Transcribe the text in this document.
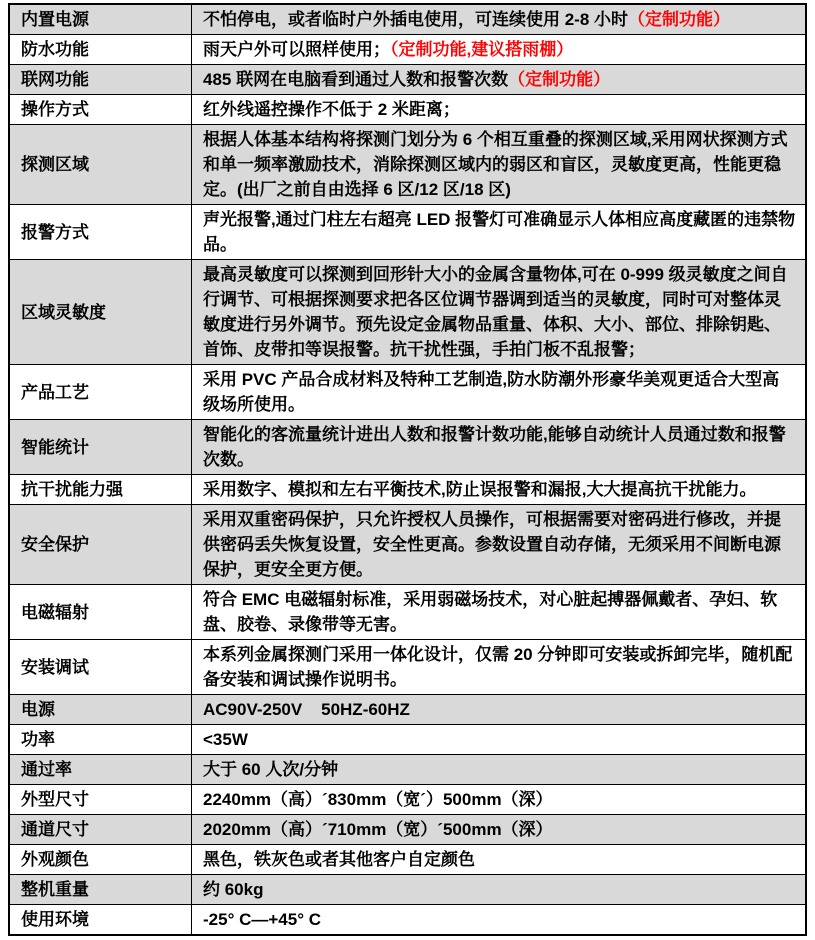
内置电源	不怕停电，或者临时户外插电使用，可连续使用 2-8 小时（定制功能）
防水功能	雨天户外可以照样使用；（定制功能,建议搭雨棚）
联网功能	485 联网在电脑看到通过人数和报警次数（定制功能）
操作方式	红外线遥控操作不低于 2 米距离；
探测区域	根据人体基本结构将探测门划分为 6 个相互重叠的探测区域,采用网状探测方式和单一频率激励技术，消除探测区域内的弱区和盲区，灵敏度更高，性能更稳定。(出厂之前自由选择 6 区/12 区/18 区)
报警方式	声光报警,通过门柱左右超亮 LED 报警灯可准确显示人体相应高度藏匿的违禁物品。
区域灵敏度	最高灵敏度可以探测到回形针大小的金属含量物体,可在 0-999 级灵敏度之间自行调节、可根据探测要求把各区位调节器调到适当的灵敏度，同时可对整体灵敏度进行另外调节。预先设定金属物品重量、体积、大小、部位、排除钥匙、首饰、皮带扣等误报警。抗干扰性强，手拍门板不乱报警；
产品工艺	采用 PVC 产品合成材料及特种工艺制造,防水防潮外形豪华美观更适合大型高级场所使用。
智能统计	智能化的客流量统计进出人数和报警计数功能,能够自动统计人员通过数和报警次数。
抗干扰能力强	采用数字、模拟和左右平衡技术,防止误报警和漏报,大大提高抗干扰能力。
安全保护	采用双重密码保护，只允许授权人员操作，可根据需要对密码进行修改，并提供密码丢失恢复设置，安全性更高。参数设置自动存储，无须采用不间断电源保护，更安全更方便。
电磁辐射	符合 EMC 电磁辐射标准，采用弱磁场技术，对心脏起搏器佩戴者、孕妇、软盘、胶卷、录像带等无害。
安装调试	本系列金属探测门采用一体化设计，仅需 20 分钟即可安装或拆卸完毕，随机配备安装和调试操作说明书。
电源	AC90V-250V    50HZ-60HZ
功率	<35W
通过率	大于 60 人次/分钟
外型尺寸	2240mm（高）´830mm（宽´）500mm（深）
通道尺寸	2020mm（高）´710mm（宽）´500mm（深）
外观颜色	黑色，铁灰色或者其他客户自定颜色
整机重量	约 60kg
使用环境	-25° C—+45° C
